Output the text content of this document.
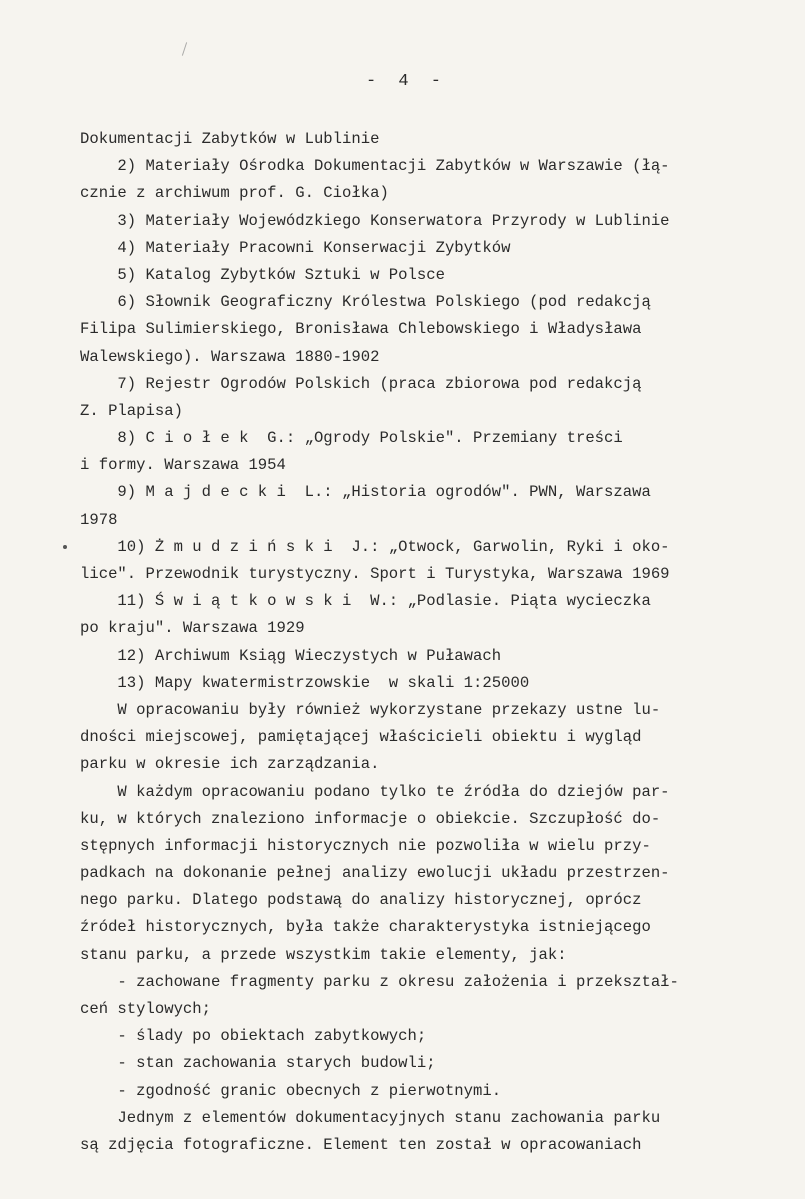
- 4 -
Dokumentacji Zabytków w Lublinie
2) Materiały Ośrodka Dokumentacji Zabytków w Warszawie (łą-
cznie z archiwum prof. G. Ciołka)
3) Materiały Wojewódzkiego Konserwatora Przyrody w Lublinie
4) Materiały Pracowni Konserwacji Zybytków
5) Katalog Zybytków Sztuki w Polsce
6) Słownik Geograficzny Królestwa Polskiego (pod redakcją
Filipa Sulimierskiego, Bronisława Chlebowskiego i Władysława
Walewskiego). Warszawa 1880-1902
7) Rejestr Ogrodów Polskich (praca zbiorowa pod redakcją
Z. Plapisa)
8) C i o ł e k  G.: „Ogrody Polskie". Przemiany treści
i formy. Warszawa 1954
9) M a j d e c k i  L.: „Historia ogrodów". PWN, Warszawa
1978
10) Ż m u d z i ń s k i  J.: „Otwock, Garwolin, Ryki i oko-
lice". Przewodnik turystyczny. Sport i Turystyka, Warszawa 1969
11) Ś w i ą t k o w s k i  W.: „Podlasie. Piąta wycieczka
po kraju". Warszawa 1929
12) Archiwum Ksiąg Wieczystych w Puławach
13) Mapy kwatermistrzowskie  w skali 1:25000
W opracowaniu były również wykorzystane przekazy ustne lu-
dności miejscowej, pamiętającej właścicieli obiektu i wygląd
parku w okresie ich zarządzania.
W każdym opracowaniu podano tylko te źródła do dziejów par-
ku, w których znaleziono informacje o obiekcie. Szczupłość do-
stępnych informacji historycznych nie pozwoliła w wielu przy-
padkach na dokonanie pełnej analizy ewolucji układu przestrzen-
nego parku. Dlatego podstawą do analizy historycznej, oprócz
źródeł historycznych, była także charakterystyka istniejącego
stanu parku, a przede wszystkim takie elementy, jak:
- zachowane fragmenty parku z okresu założenia i przekształ-
ceń stylowych;
- ślady po obiektach zabytkowych;
- stan zachowania starych budowli;
- zgodność granic obecnych z pierwotnymi.
Jednym z elementów dokumentacyjnych stanu zachowania parku
są zdjęcia fotograficzne. Element ten został w opracowaniach
